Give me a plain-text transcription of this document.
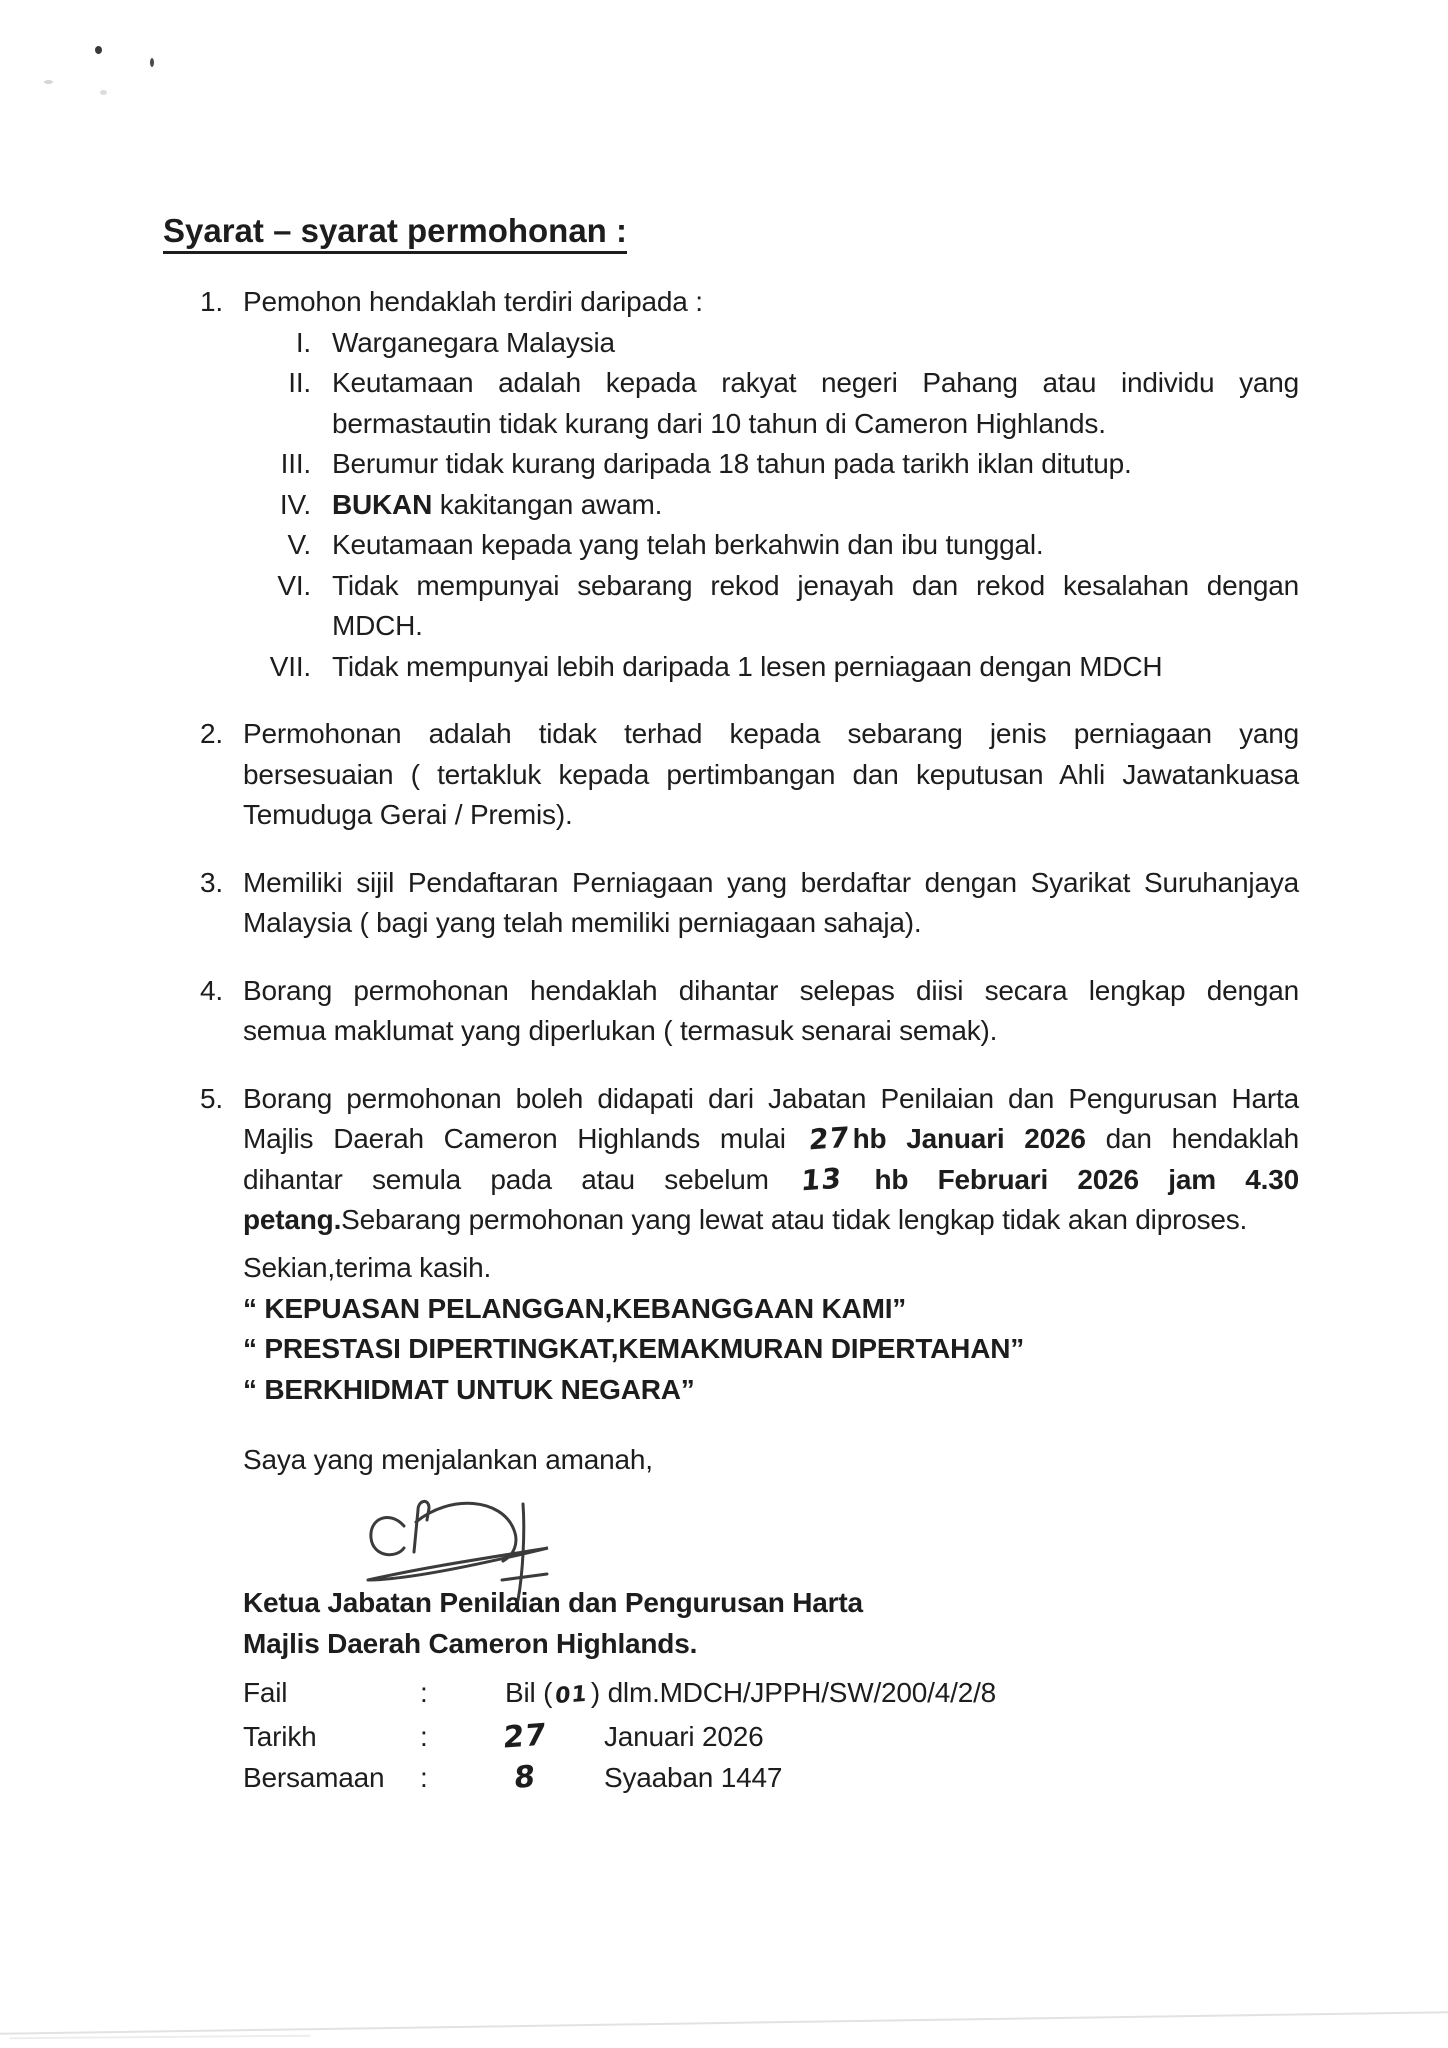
Syarat – syarat permohonan :
1. Pemohon hendaklah terdiri daripada :
I. Warganegara Malaysia
II. Keutamaan adalah kepada rakyat negeri Pahang atau individu yang
bermastautin tidak kurang dari 10 tahun di Cameron Highlands.
III. Berumur tidak kurang daripada 18 tahun pada tarikh iklan ditutup.
IV. BUKAN kakitangan awam.
V. Keutamaan kepada yang telah berkahwin dan ibu tunggal.
VI. Tidak mempunyai sebarang rekod jenayah dan rekod kesalahan dengan
MDCH.
VII. Tidak mempunyai lebih daripada 1 lesen perniagaan dengan MDCH
2. Permohonan adalah tidak terhad kepada sebarang jenis perniagaan yang
bersesuaian ( tertakluk kepada pertimbangan dan keputusan Ahli Jawatankuasa
Temuduga Gerai / Premis).
3. Memiliki sijil Pendaftaran Perniagaan yang berdaftar dengan Syarikat Suruhanjaya
Malaysia ( bagi yang telah memiliki perniagaan sahaja).
4. Borang permohonan hendaklah dihantar selepas diisi secara lengkap dengan
semua maklumat yang diperlukan ( termasuk senarai semak).
5. Borang permohonan boleh didapati dari Jabatan Penilaian dan Pengurusan Harta
Majlis Daerah Cameron Highlands mulai 27hb Januari 2026 dan hendaklah
dihantar semula pada atau sebelum 13 hb Februari 2026 jam 4.30
petang.Sebarang permohonan yang lewat atau tidak lengkap tidak akan diproses.
Sekian,terima kasih.
“ KEPUASAN PELANGGAN,KEBANGGAAN KAMI”
“ PRESTASI DIPERTINGKAT,KEMAKMURAN DIPERTAHAN”
“ BERKHIDMAT UNTUK NEGARA”
Saya yang menjalankan amanah,
Ketua Jabatan Penilaian dan Pengurusan Harta
Majlis Daerah Cameron Highlands.
Fail	:	Bil (01) dlm.MDCH/JPPH/SW/200/4/2/8
Tarikh	:	27	Januari 2026
Bersamaan	:	8	Syaaban 1447
